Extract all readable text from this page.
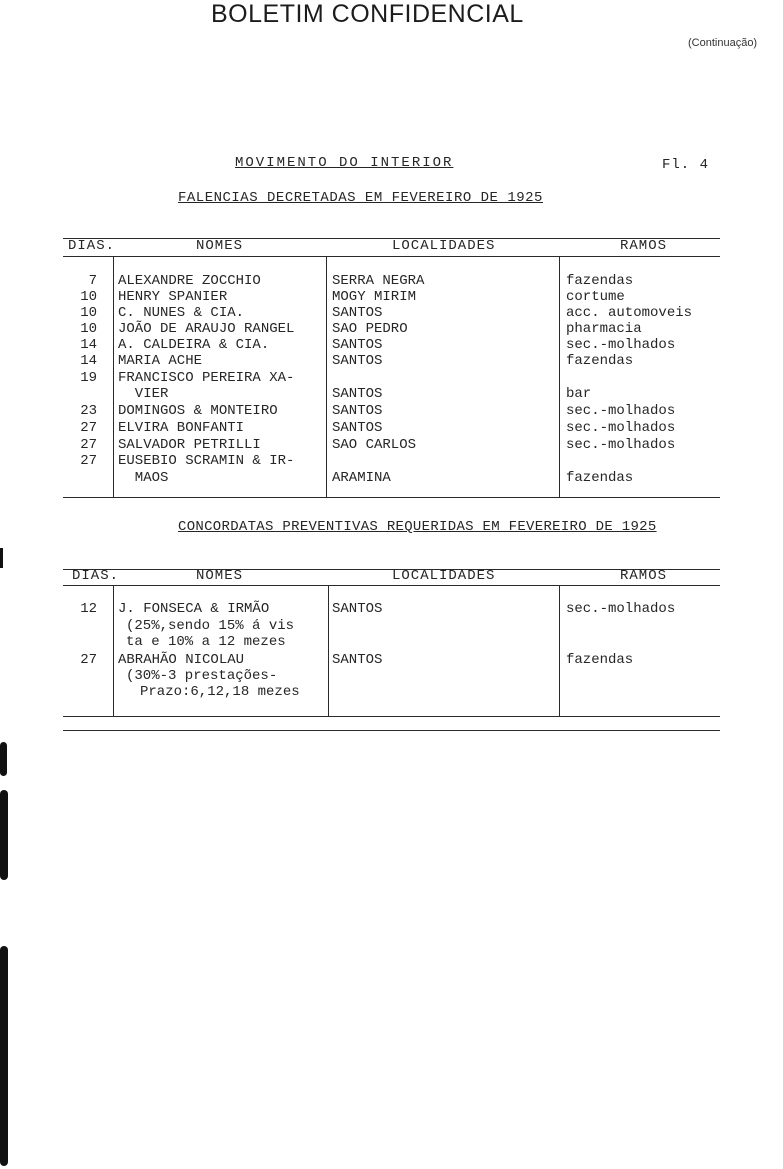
BOLETIM CONFIDENCIAL
(Continuação)
MOVIMENTO DO INTERIOR	Fl. 4
FALENCIAS DECRETADAS EM FEVEREIRO DE 1925
DIAS.	NOMES	LOCALIDADES	RAMOS
7 ALEXANDRE ZOCCHIO	SERRA NEGRA	fazendas
10 HENRY SPANIER	MOGY MIRIM	cortume
10 C. NUNES & CIA.	SANTOS	acc. automoveis
10 JOÃO DE ARAUJO RANGEL	SAO PEDRO	pharmacia
14 A. CALDEIRA & CIA.	SANTOS	sec.-molhados
14 MARIA ACHE	SANTOS	fazendas
19 FRANCISCO PEREIRA XA-
VIER	SANTOS	bar
23 DOMINGOS & MONTEIRO	SANTOS	sec.-molhados
27 ELVIRA BONFANTI	SANTOS	sec.-molhados
27 SALVADOR PETRILLI	SAO CARLOS	sec.-molhados
27 EUSEBIO SCRAMIN & IR-
MAOS	ARAMINA	fazendas
CONCORDATAS PREVENTIVAS REQUERIDAS EM FEVEREIRO DE 1925
DIAS.	NOMES	LOCALIDADES	RAMOS
12 J. FONSECA & IRMÃO	SANTOS	sec.-molhados
(25%,sendo 15% á vis
ta e 10% a 12 mezes
27 ABRAHÃO NICOLAU	SANTOS	fazendas
(30%-3 prestações-
Prazo:6,12,18 mezes
